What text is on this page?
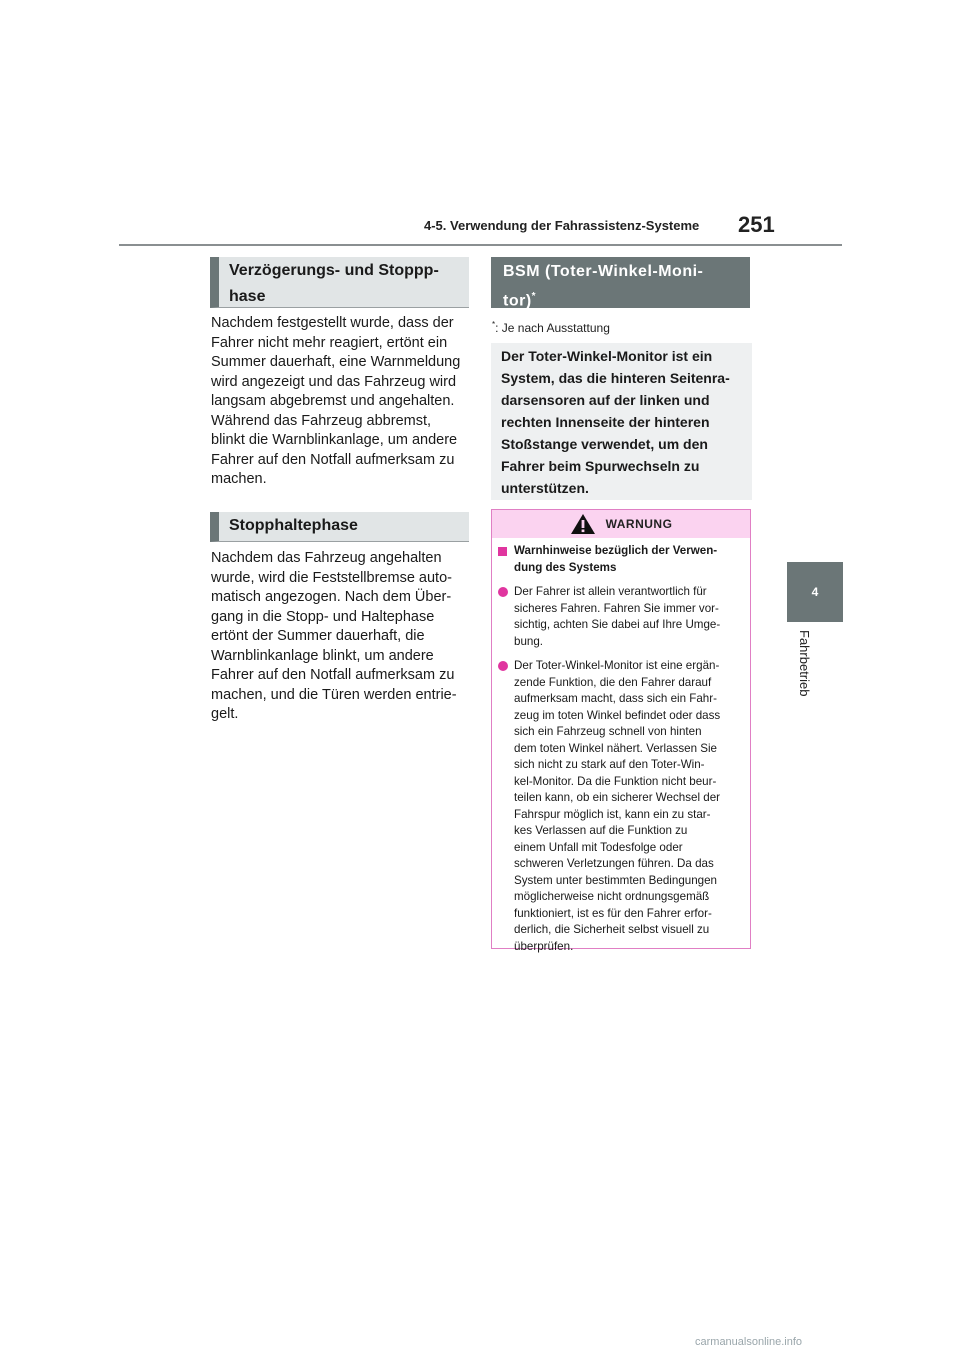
4-5. Verwendung der Fahrassistenz-Systeme 251
4
Fahrbetrieb
Verzögerungs- und Stoppp-
hase
Nachdem festgestellt wurde, dass der
Fahrer nicht mehr reagiert, ertönt ein
Summer dauerhaft, eine Warnmeldung
wird angezeigt und das Fahrzeug wird
langsam abgebremst und angehalten.
Während das Fahrzeug abbremst,
blinkt die Warnblinkanlage, um andere
Fahrer auf den Notfall aufmerksam zu
machen.
Stopphaltephase
Nachdem das Fahrzeug angehalten
wurde, wird die Feststellbremse auto-
matisch angezogen. Nach dem Über-
gang in die Stopp- und Haltephase
ertönt der Summer dauerhaft, die
Warnblinkanlage blinkt, um andere
Fahrer auf den Notfall aufmerksam zu
machen, und die Türen werden entrie-
gelt.
BSM (Toter-Winkel-Moni-
tor)*
*: Je nach Ausstattung
Der Toter-Winkel-Monitor ist ein
System, das die hinteren Seitenra-
darsensoren auf der linken und
rechten Innenseite der hinteren
Stoßstange verwendet, um den
Fahrer beim Spurwechseln zu
unterstützen.
WARNUNG
Warnhinweise bezüglich der Verwen-
dung des Systems
Der Fahrer ist allein verantwortlich für
sicheres Fahren. Fahren Sie immer vor-
sichtig, achten Sie dabei auf Ihre Umge-
bung.
Der Toter-Winkel-Monitor ist eine ergän-
zende Funktion, die den Fahrer darauf
aufmerksam macht, dass sich ein Fahr-
zeug im toten Winkel befindet oder dass
sich ein Fahrzeug schnell von hinten
dem toten Winkel nähert. Verlassen Sie
sich nicht zu stark auf den Toter-Win-
kel-Monitor. Da die Funktion nicht beur-
teilen kann, ob ein sicherer Wechsel der
Fahrspur möglich ist, kann ein zu star-
kes Verlassen auf die Funktion zu
einem Unfall mit Todesfolge oder
schweren Verletzungen führen. Da das
System unter bestimmten Bedingungen
möglicherweise nicht ordnungsgemäß
funktioniert, ist es für den Fahrer erfor-
derlich, die Sicherheit selbst visuell zu
überprüfen.
carmanualsonline.info
